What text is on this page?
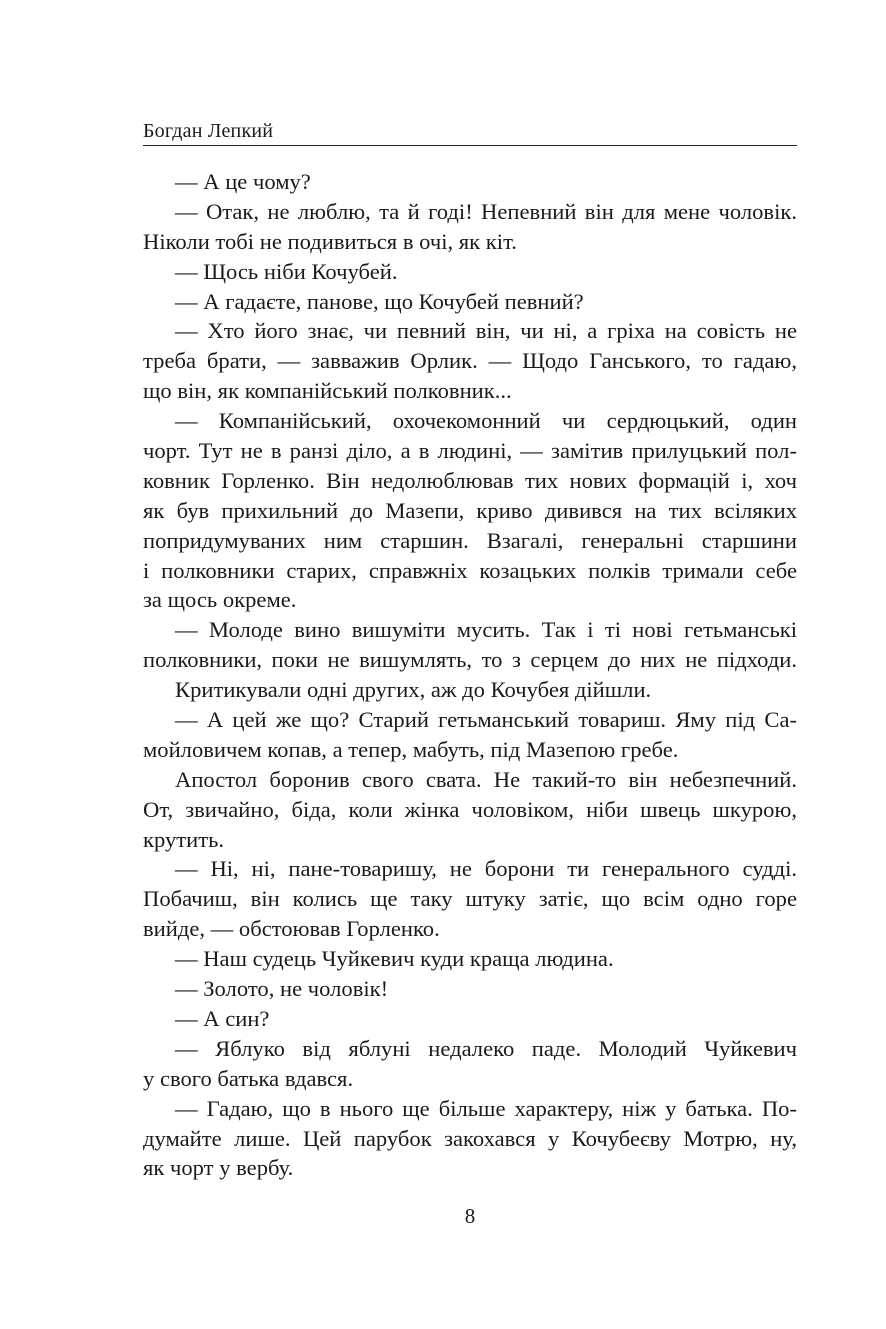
Богдан Лепкий
— А це чому?
— Отак, не люблю, та й годі! Непевний він для мене чоловік.
Ніколи тобі не подивиться в очі, як кіт.
— Щось ніби Кочубей.
— А гадаєте, панове, що Кочубей певний?
— Хто його знає, чи певний він, чи ні, а гріха на совість не
треба брати, — завважив Орлик. — Щодо Ганського, то гадаю,
що він, як компанійський полковник...
— Компанійський, охочекомонний чи сердюцький, один
чорт. Тут не в ранзі діло, а в людині, — замітив прилуцький пол-
ковник Горленко. Він недолюблював тих нових формацій і, хоч
як був прихильний до Мазепи, криво дивився на тих всіляких
попридумуваних ним старшин. Взагалі, генеральні старшини
і полковники старих, справжніх козацьких полків тримали себе
за щось окреме.
— Молоде вино вишуміти мусить. Так і ті нові гетьманські
полковники, поки не вишумлять, то з серцем до них не підходи.
Критикували одні других, аж до Кочубея дійшли.
— А цей же що? Старий гетьманський товариш. Яму під Са-
мойловичем копав, а тепер, мабуть, під Мазепою гребе.
Апостол боронив свого свата. Не такий-то він небезпечний.
От, звичайно, біда, коли жінка чоловіком, ніби швець шкурою,
крутить.
— Ні, ні, пане-товаришу, не борони ти генерального судді.
Побачиш, він колись ще таку штуку затіє, що всім одно горе
вийде, — обстоював Горленко.
— Наш судець Чуйкевич куди краща людина.
— Золото, не чоловік!
— А син?
— Яблуко від яблуні недалеко паде. Молодий Чуйкевич
у свого батька вдався.
— Гадаю, що в нього ще більше характеру, ніж у батька. По-
думайте лише. Цей парубок закохався у Кочубеєву Мотрю, ну,
як чорт у вербу.
8
